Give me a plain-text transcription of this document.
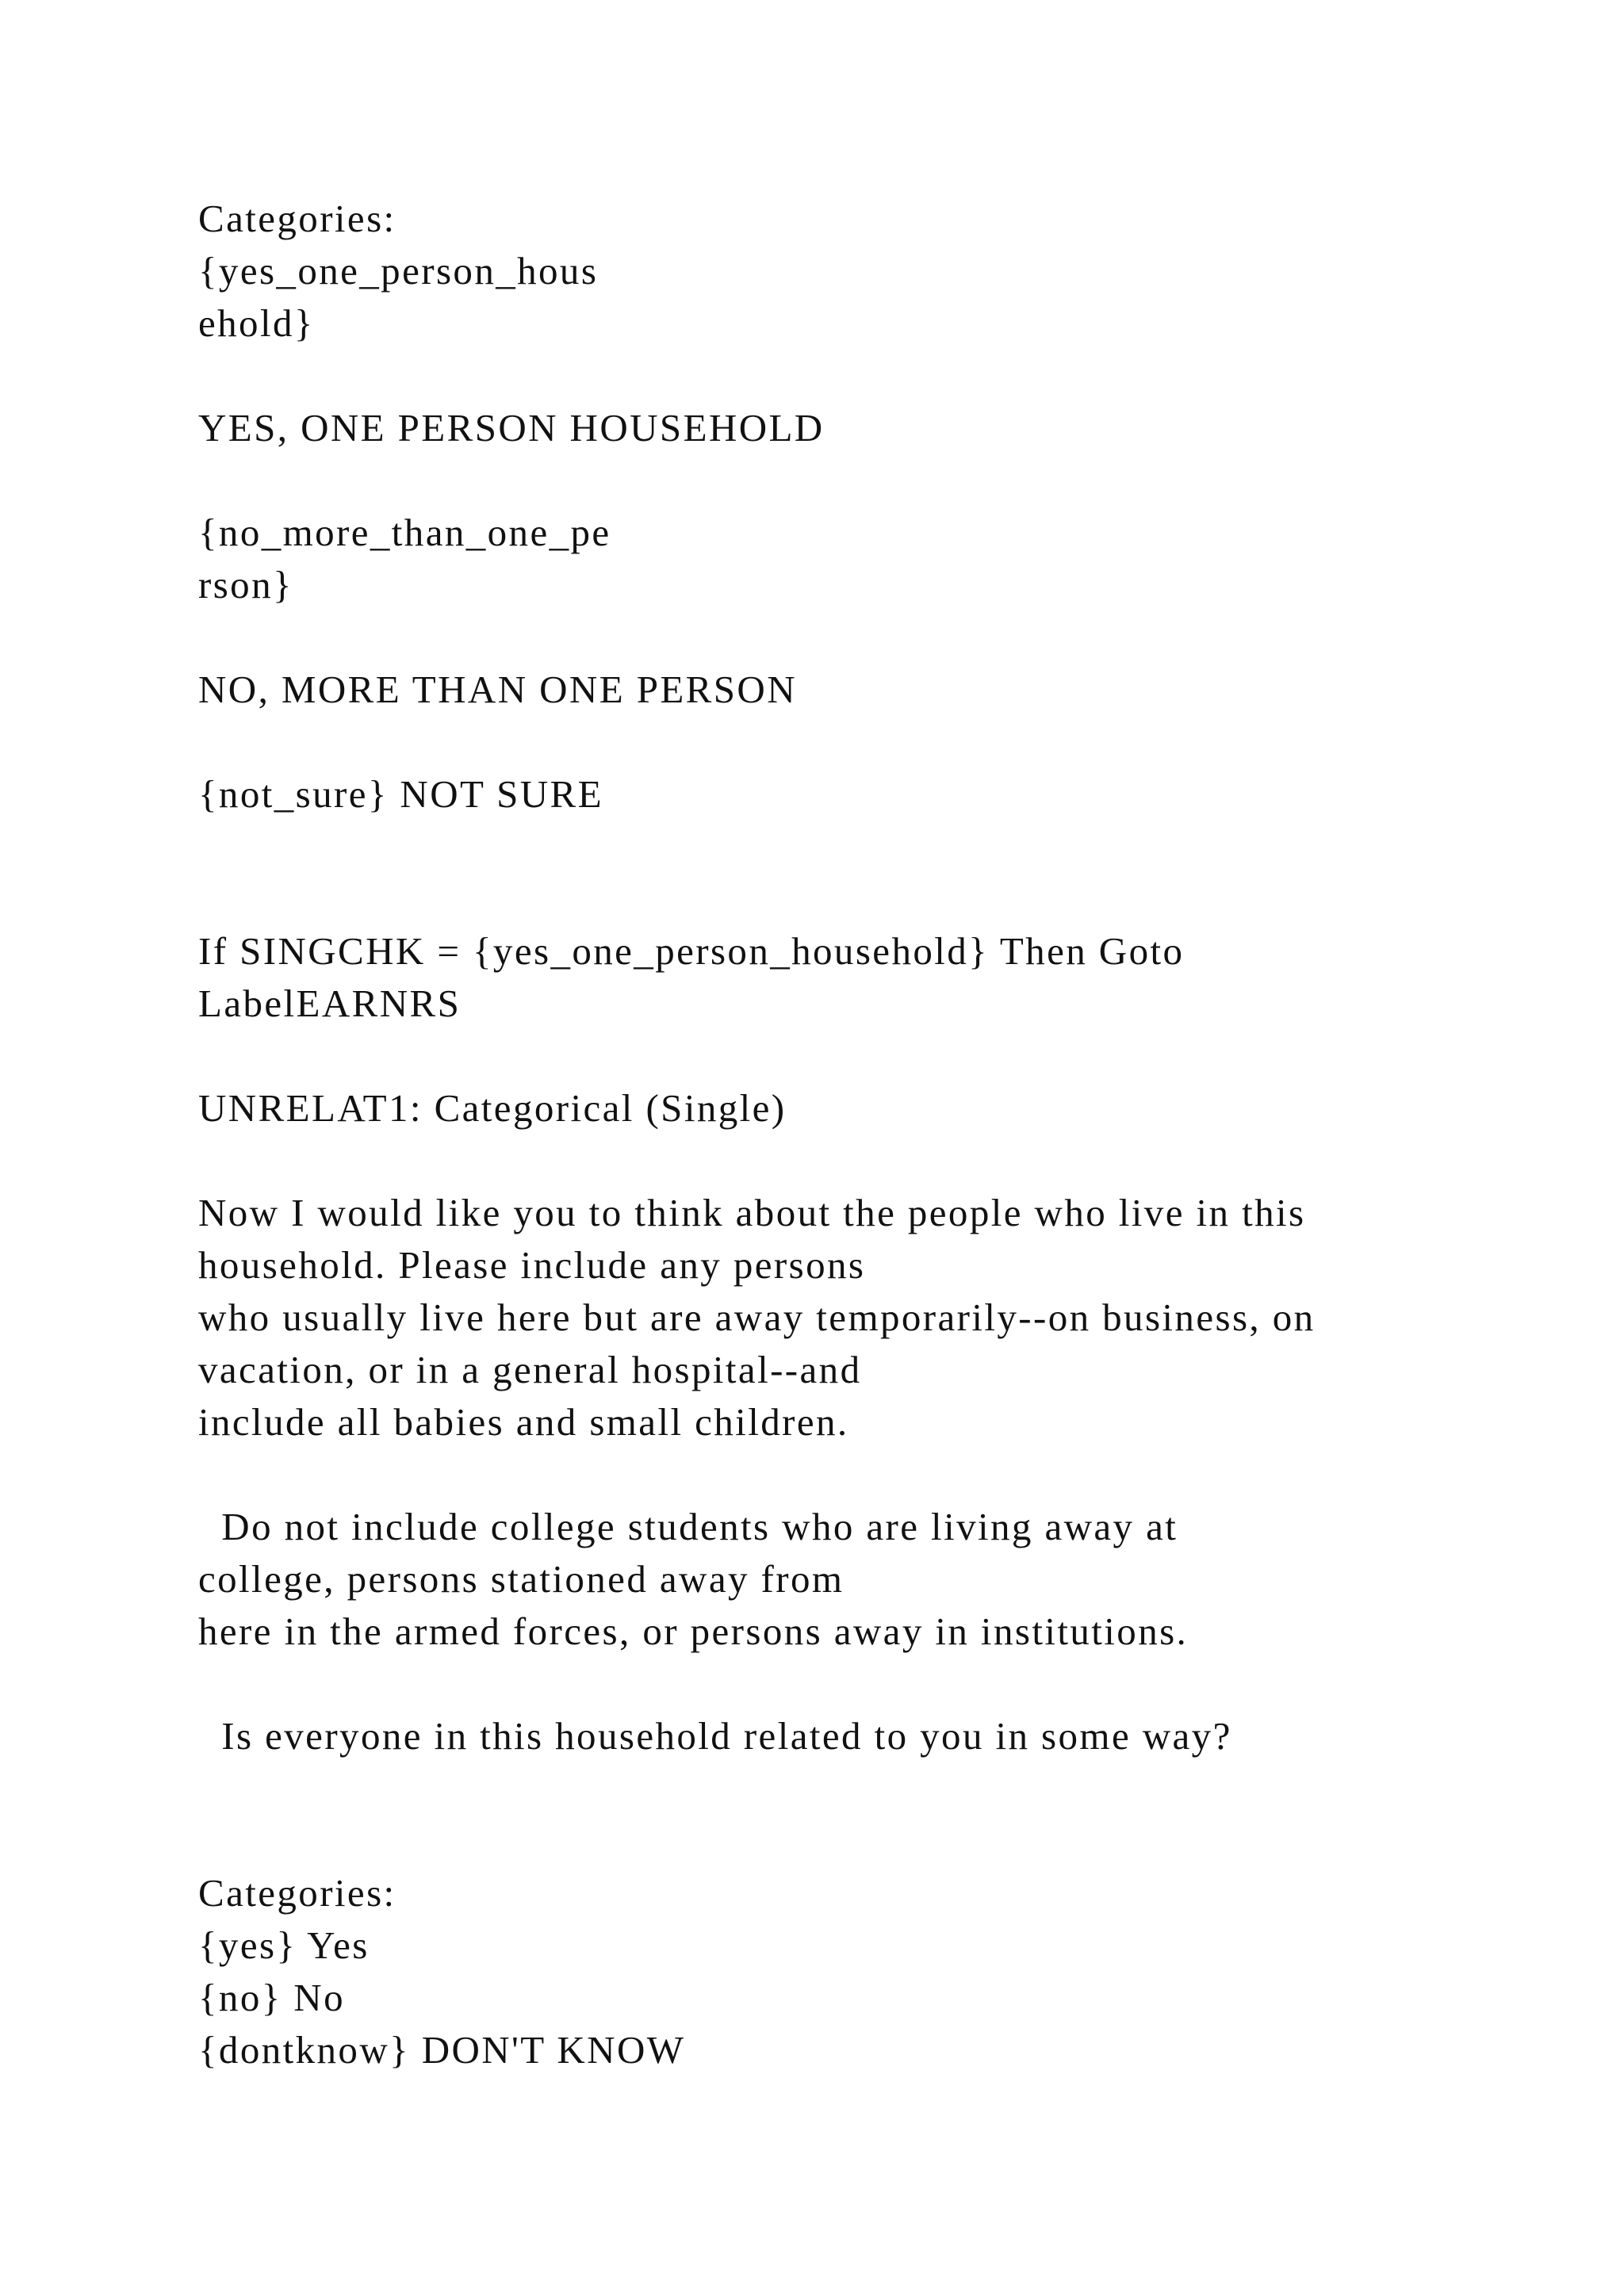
Categories:

{yes_one_person_hous

ehold}

YES, ONE PERSON HOUSEHOLD

{no_more_than_one_pe

rson}

NO, MORE THAN ONE PERSON

{not_sure} NOT SURE

If SINGCHK = {yes_one_person_household} Then Goto

LabelEARNRS

UNRELAT1: Categorical (Single)

Now I would like you to think about the people who live in this

household. Please include any persons

who usually live here but are away temporarily--on business, on

vacation, or in a general hospital--and

include all babies and small children.

Do not include college students who are living away at

college, persons stationed away from

here in the armed forces, or persons away in institutions.

Is everyone in this household related to you in some way?

Categories:

{yes} Yes

{no} No

{dontknow} DON'T KNOW
